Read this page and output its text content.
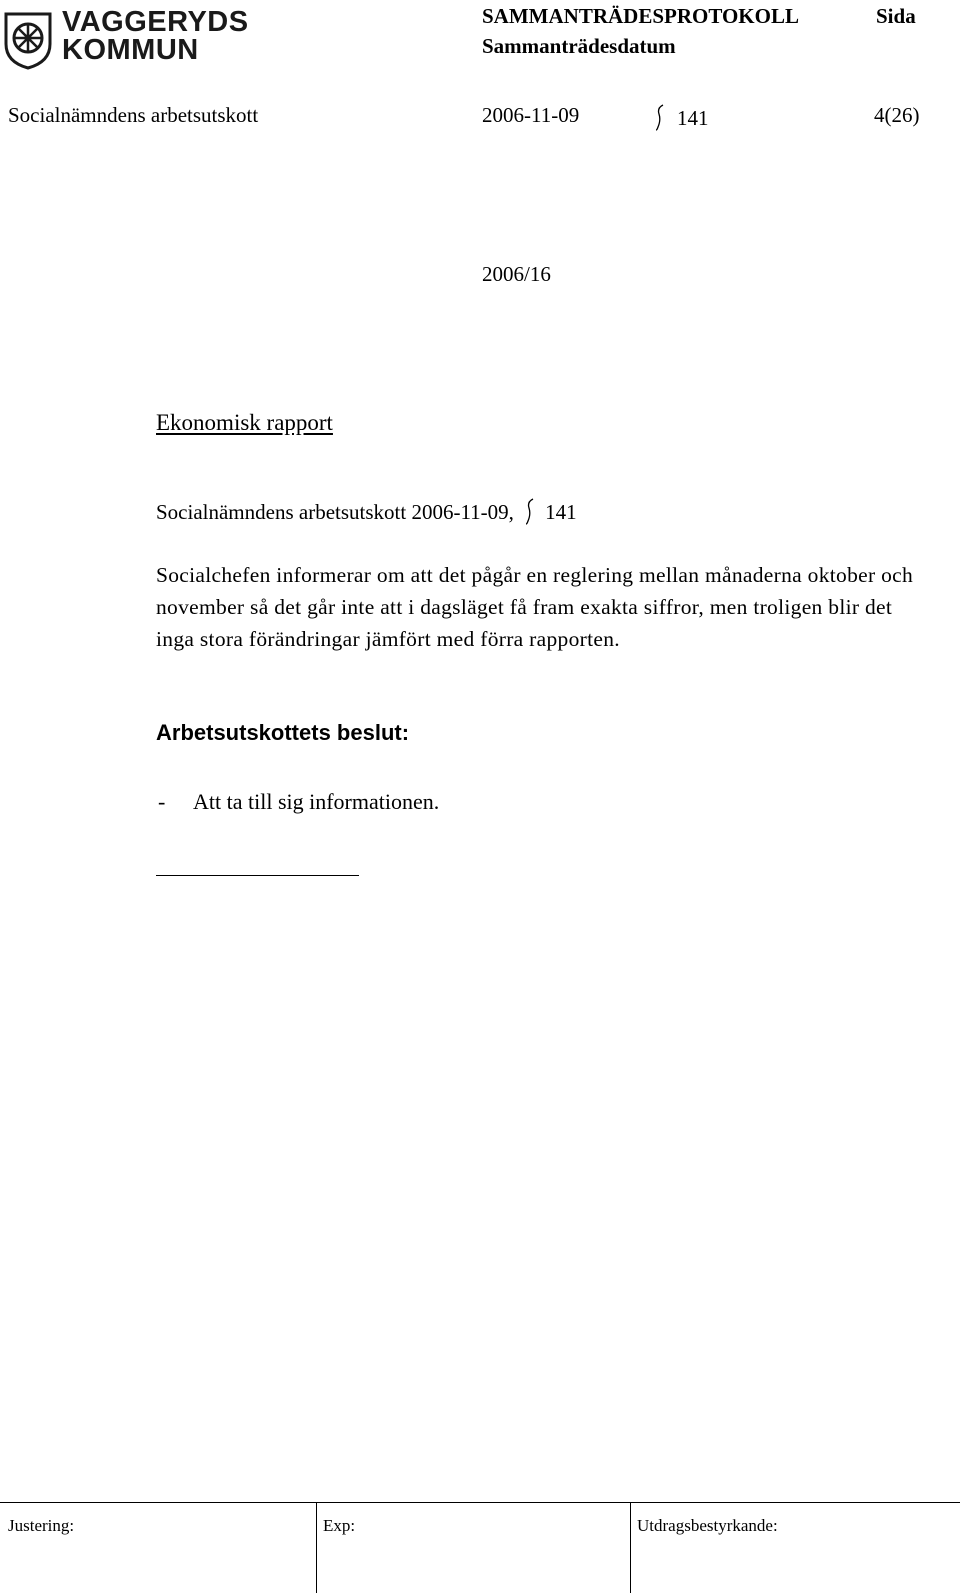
VAGGERYDS
KOMMUN
SAMMANTRÄDESPROTOKOLL	Sida
Sammanträdesdatum
Socialnämndens arbetsutskott	2006-11-09	141	4(26)
2006/16
Ekonomisk rapport
Socialnämndens arbetsutskott 2006-11-09, 141
Socialchefen informerar om att det pågår en reglering mellan månaderna oktober och november så det går inte att i dagsläget få fram exakta siffror, men troligen blir det inga stora förändringar jämfört med förra rapporten.
Arbetsutskottets beslut:
- Att ta till sig informationen.
Justering:	Exp:	Utdragsbestyrkande:
